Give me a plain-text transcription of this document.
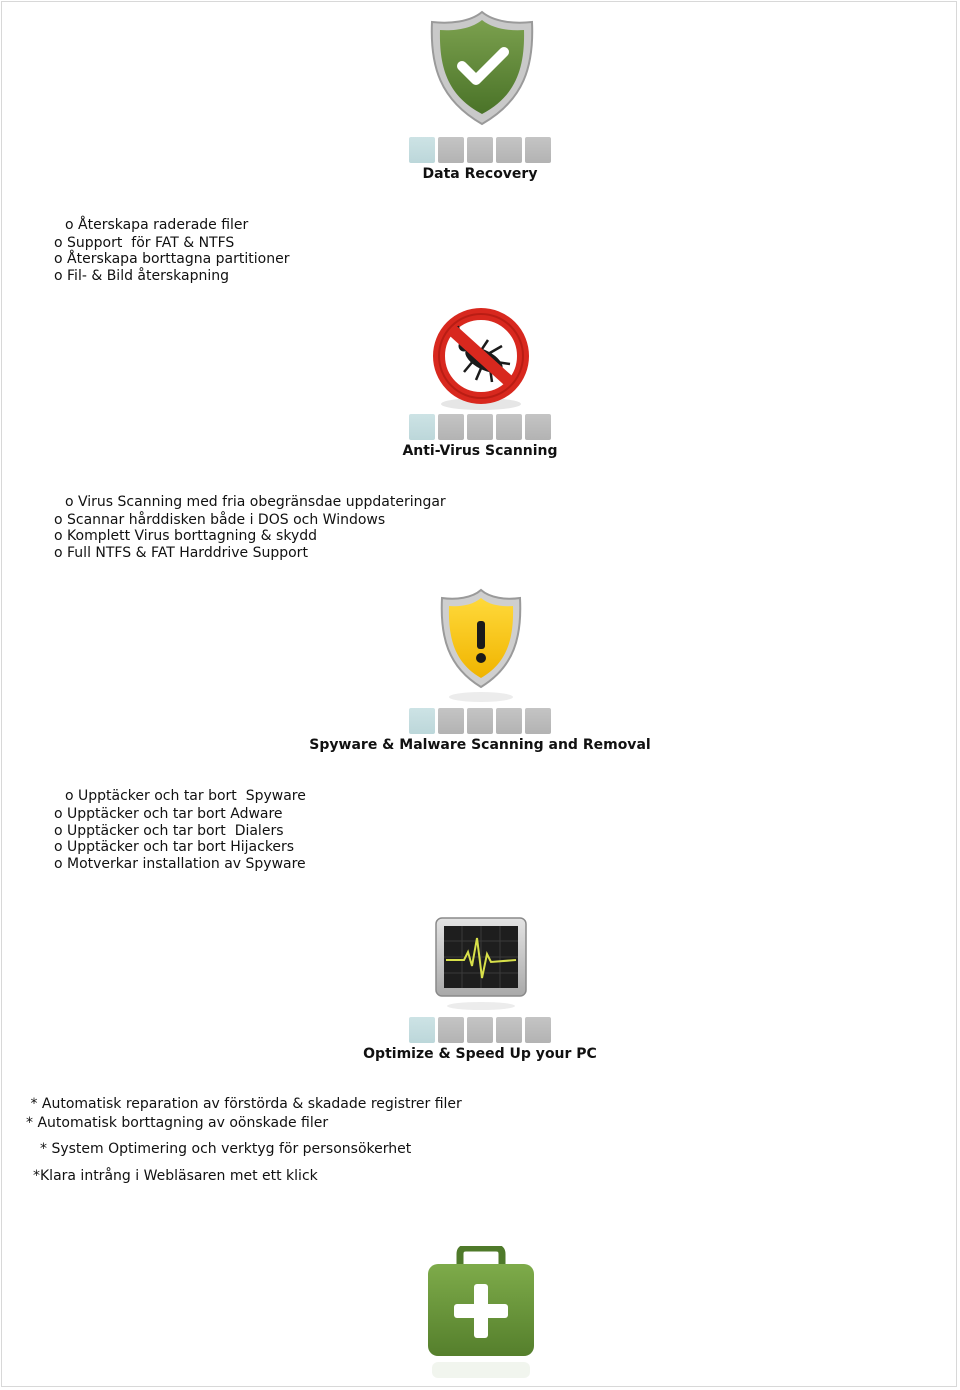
Data Recovery
o Återskapa raderade filer
o Support  för FAT & NTFS
o Återskapa borttagna partitioner
o Fil- & Bild återskapning
Anti-Virus Scanning
o Virus Scanning med fria obegränsdae uppdateringar
o Scannar hårddisken både i DOS och Windows
o Komplett Virus borttagning & skydd
o Full NTFS & FAT Harddrive Support
Spyware & Malware Scanning and Removal
o Upptäcker och tar bort  Spyware
o Upptäcker och tar bort Adware
o Upptäcker och tar bort  Dialers
o Upptäcker och tar bort Hijackers
o Motverkar installation av Spyware
Optimize & Speed Up your PC
* Automatisk reparation av förstörda & skadade registrer filer
* Automatisk borttagning av oönskade filer
* System Optimering och verktyg för personsökerhet
*Klara intrång i Webläsaren met ett klick
